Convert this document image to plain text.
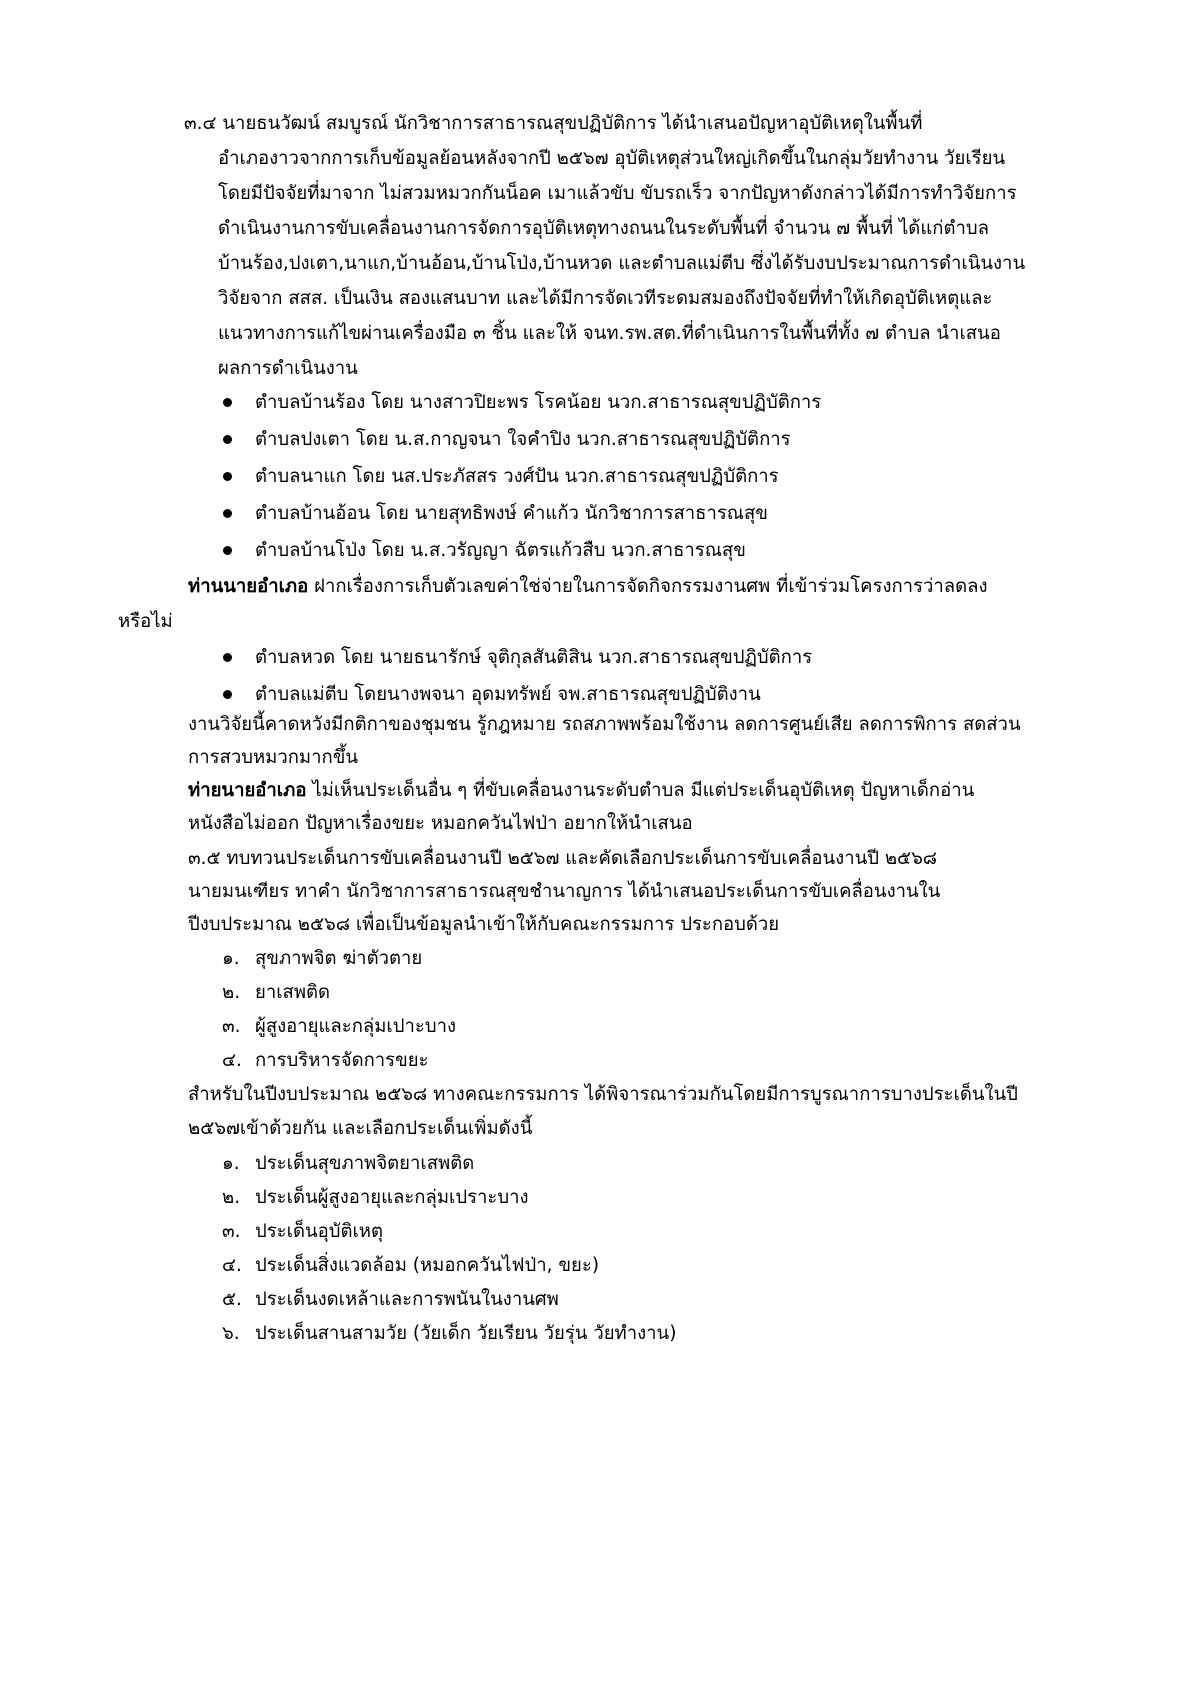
๓.๔ นายธนวัฒน์ สมบูรณ์ นักวิชาการสาธารณสุขปฏิบัติการ ได้นำเสนอปัญหาอุบัติเหตุในพื้นที่
อำเภองาวจากการเก็บข้อมูลย้อนหลังจากปี ๒๕๖๗ อุบัติเหตุส่วนใหญ่เกิดขึ้นในกลุ่มวัยทำงาน วัยเรียน
โดยมีปัจจัยที่มาจาก ไม่สวมหมวกกันน็อค เมาแล้วขับ ขับรถเร็ว จากปัญหาดังกล่าวได้มีการทำวิจัยการ
ดำเนินงานการขับเคลื่อนงานการจัดการอุบัติเหตุทางถนนในระดับพื้นที่ จำนวน ๗ พื้นที่ ได้แก่ตำบล
บ้านร้อง,ปงเตา,นาแก,บ้านอ้อน,บ้านโป่ง,บ้านหวด และตำบลแม่ตีบ ซึ่งได้รับงบประมาณการดำเนินงาน
วิจัยจาก สสส. เป็นเงิน สองแสนบาท และได้มีการจัดเวทีระดมสมองถึงปัจจัยที่ทำให้เกิดอุบัติเหตุและ
แนวทางการแก้ไขผ่านเครื่องมือ ๓ ชิ้น และให้ จนท.รพ.สต.ที่ดำเนินการในพื้นที่ทั้ง ๗ ตำบล นำเสนอ
ผลการดำเนินงาน
ตำบลบ้านร้อง โดย นางสาวปิยะพร โรคน้อย นวก.สาธารณสุขปฏิบัติการ
ตำบลปงเตา โดย น.ส.กาญจนา ใจคำปิง นวก.สาธารณสุขปฏิบัติการ
ตำบลนาแก โดย นส.ประภัสสร วงศ์ปัน นวก.สาธารณสุขปฏิบัติการ
ตำบลบ้านอ้อน โดย นายสุทธิพงษ์ คำแก้ว นักวิชาการสาธารณสุข
ตำบลบ้านโป่ง โดย น.ส.วรัญญา ฉัตรแก้วสืบ นวก.สาธารณสุข
ท่านนายอำเภอ ฝากเรื่องการเก็บตัวเลขค่าใช่จ่ายในการจัดกิจกรรมงานศพ ที่เข้าร่วมโครงการว่าลดลง
หรือไม่
ตำบลหวด โดย นายธนารักษ์ จุติกุลสันติสิน นวก.สาธารณสุขปฏิบัติการ
ตำบลแม่ตีบ โดยนางพจนา อุดมทรัพย์ จพ.สาธารณสุขปฏิบัติงาน
งานวิจัยนี้คาดหวังมีกติกาของชุมชน รู้กฎหมาย รถสภาพพร้อมใช้งาน ลดการศูนย์เสีย ลดการพิการ สดส่วน
การสวบหมวกมากขึ้น
ท่ายนายอำเภอ ไม่เห็นประเด็นอื่น ๆ ที่ขับเคลื่อนงานระดับตำบล มีแต่ประเด็นอุบัติเหตุ ปัญหาเด็กอ่าน
หนังสือไม่ออก ปัญหาเรื่องขยะ หมอกควันไฟป่า อยากให้นำเสนอ
๓.๕ ทบทวนประเด็นการขับเคลื่อนงานปี ๒๕๖๗ และคัดเลือกประเด็นการขับเคลื่อนงานปี ๒๕๖๘
นายมนเฑียร ทาคำ นักวิชาการสาธารณสุขชำนาญการ ได้นำเสนอประเด็นการขับเคลื่อนงานใน
ปีงบประมาณ ๒๕๖๘ เพื่อเป็นข้อมูลนำเข้าให้กับคณะกรรมการ ประกอบด้วย
๑. สุขภาพจิต ฆ่าตัวตาย
๒. ยาเสพติด
๓. ผู้สูงอายุและกลุ่มเปาะบาง
๔. การบริหารจัดการขยะ
สำหรับในปีงบประมาณ ๒๕๖๘ ทางคณะกรรมการ ได้พิจารณาร่วมกันโดยมีการบูรณาการบางประเด็นในปี
๒๕๖๗เข้าด้วยกัน และเลือกประเด็นเพิ่มดังนี้
๑. ประเด็นสุขภาพจิตยาเสพติด
๒. ประเด็นผู้สูงอายุและกลุ่มเปราะบาง
๓. ประเด็นอุบัติเหตุ
๔. ประเด็นสิ่งแวดล้อม (หมอกควันไฟป่า, ขยะ)
๕. ประเด็นงดเหล้าและการพนันในงานศพ
๖. ประเด็นสานสามวัย (วัยเด็ก วัยเรียน วัยรุ่น วัยทำงาน)
